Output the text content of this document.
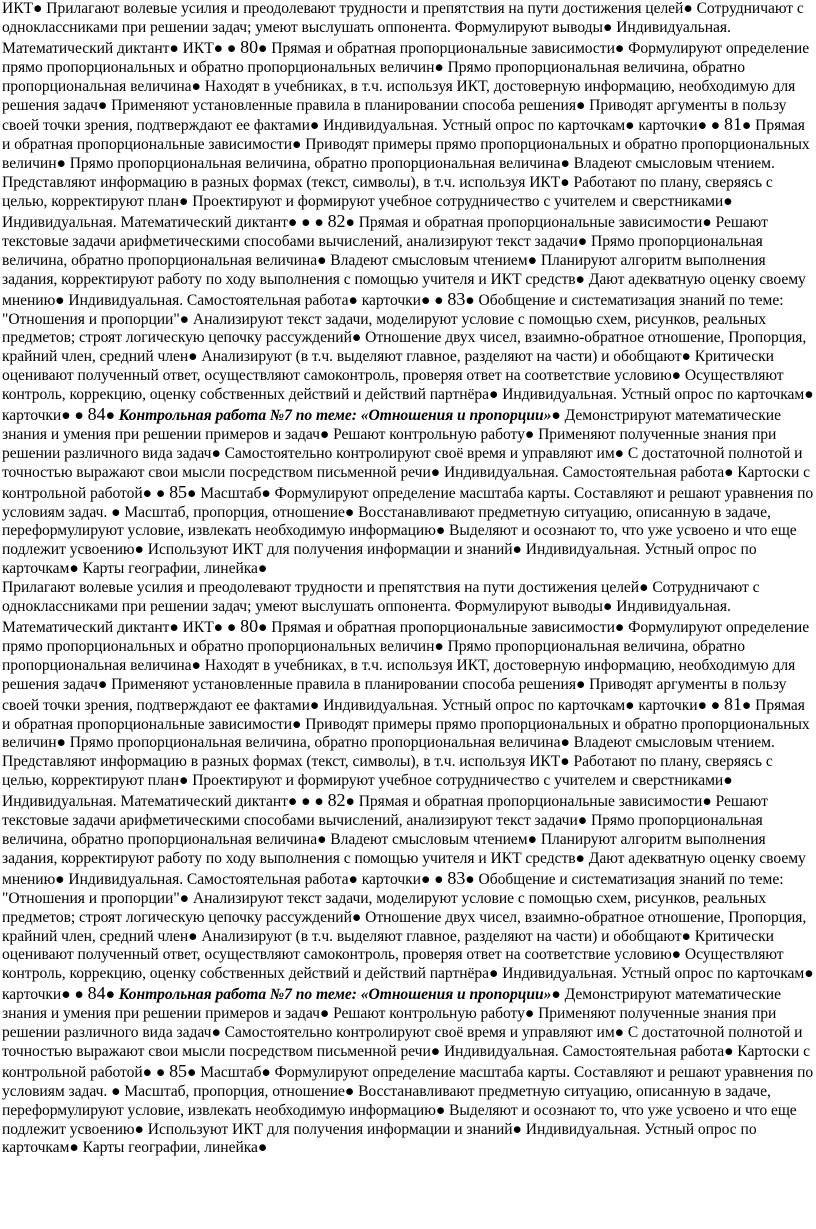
ИКТ● Прилагают волевые усилия и преодолевают трудности и препятствия на пути достижения целей● Сотрудничают с одноклассниками при решении задач; умеют выслушать оппонента. Формулируют выводы● Индивидуальная. Математический диктант● ИКТ● ● 80● Прямая и обратная пропорциональные зависимости● Формулируют определение прямо пропорциональных и обратно пропорциональных величин● Прямо пропорциональная величина, обратно пропорциональная величина● Находят в учебниках, в т.ч. используя ИКТ, достоверную информацию, необходимую для решения задач● Применяют установленные правила в планировании способа решения● Приводят аргументы в пользу своей точки зрения, подтверждают ее фактами● Индивидуальная. Устный опрос по карточкам● карточки● ● 81● Прямая и обратная пропорциональные зависимости● Приводят примеры прямо пропорциональных и обратно пропорциональных величин● Прямо пропорциональная величина, обратно пропорциональная величина● Владеют смысловым чтением. Представляют информацию в разных формах (текст, символы), в т.ч. используя ИКТ● Работают по плану, сверяясь с целью, корректируют план● Проектируют и формируют учебное сотрудничество с учителем и сверстниками● Индивидуальная. Математический диктант● ● ● 82● Прямая и обратная пропорциональные зависимости● Решают текстовые задачи арифметическими способами вычислений, анализируют текст задачи● Прямо пропорциональная величина, обратно пропорциональная величина● Владеют смысловым чтением● Планируют алгоритм выполнения задания, корректируют работу по ходу выполнения с помощью учителя и ИКТ средств● Дают адекватную оценку своему мнению● Индивидуальная. Самостоятельная работа● карточки● ● 83● Обобщение и систематизация знаний по теме: "Отношения и пропорции"● Анализируют текст задачи, моделируют условие с помощью схем, рисунков, реальных предметов; строят логическую цепочку рассуждений● Отношение двух чисел, взаимно-обратное отношение, Пропорция, крайний член, средний член● Анализируют (в т.ч. выделяют главное, разделяют на части) и обобщают● Критически оценивают полученный ответ, осуществляют самоконтроль, проверяя ответ на соответствие условию● Осуществляют контроль, коррекцию, оценку собственных действий и действий партнёра● Индивидуальная. Устный опрос по карточкам● карточки● ● 84● Контрольная работа №7 по теме: «Отношения и пропорции»● Демонстрируют математические знания и умения при решении примеров и задач● Решают контрольную работу● Применяют полученные знания при решении различного вида задач● Самостоятельно контролируют своё время и управляют им● С достаточной полнотой и точностью выражают свои мысли посредством письменной речи● Индивидуальная. Самостоятельная работа● Картоски с контрольной работой● ● 85● Масштаб● Формулируют определение масштаба карты. Составляют и решают уравнения по условиям задач. ● Масштаб, пропорция, отношение● Восстанавливают предметную ситуацию, описанную в задаче, переформулируют условие, извлекать необходимую информацию● Выделяют и осознают то, что уже усвоено и что еще подлежит усвоению● Используют ИКТ для получения информации и знаний● Индивидуальная. Устный опрос по карточкам● Карты географии, линейка●
Прилагают волевые усилия и преодолевают трудности и препятствия на пути достижения целей● Сотрудничают с одноклассниками при решении задач; умеют выслушать оппонента. Формулируют выводы● Индивидуальная. Математический диктант● ИКТ● ● 80● Прямая и обратная пропорциональные зависимости● Формулируют определение прямо пропорциональных и обратно пропорциональных величин● Прямо пропорциональная величина, обратно пропорциональная величина● Находят в учебниках, в т.ч. используя ИКТ, достоверную информацию, необходимую для решения задач● Применяют установленные правила в планировании способа решения● Приводят аргументы в пользу своей точки зрения, подтверждают ее фактами● Индивидуальная. Устный опрос по карточкам● карточки● ● 81● Прямая и обратная пропорциональные зависимости● Приводят примеры прямо пропорциональных и обратно пропорциональных величин● Прямо пропорциональная величина, обратно пропорциональная величина● Владеют смысловым чтением. Представляют информацию в разных формах (текст, символы), в т.ч. используя ИКТ● Работают по плану, сверяясь с целью, корректируют план● Проектируют и формируют учебное сотрудничество с учителем и сверстниками● Индивидуальная. Математический диктант● ● ● 82● Прямая и обратная пропорциональные зависимости● Решают текстовые задачи арифметическими способами вычислений, анализируют текст задачи● Прямо пропорциональная величина, обратно пропорциональная величина● Владеют смысловым чтением● Планируют алгоритм выполнения задания, корректируют работу по ходу выполнения с помощью учителя и ИКТ средств● Дают адекватную оценку своему мнению● Индивидуальная. Самостоятельная работа● карточки● ● 83● Обобщение и систематизация знаний по теме: "Отношения и пропорции"● Анализируют текст задачи, моделируют условие с помощью схем, рисунков, реальных предметов; строят логическую цепочку рассуждений● Отношение двух чисел, взаимно-обратное отношение, Пропорция, крайний член, средний член● Анализируют (в т.ч. выделяют главное, разделяют на части) и обобщают● Критически оценивают полученный ответ, осуществляют самоконтроль, проверяя ответ на соответствие условию● Осуществляют контроль, коррекцию, оценку собственных действий и действий партнёра● Индивидуальная. Устный опрос по карточкам● карточки● ● 84● Контрольная работа №7 по теме: «Отношения и пропорции»● Демонстрируют математические знания и умения при решении примеров и задач● Решают контрольную работу● Применяют полученные знания при решении различного вида задач● Самостоятельно контролируют своё время и управляют им● С достаточной полнотой и точностью выражают свои мысли посредством письменной речи● Индивидуальная. Самостоятельная работа● Картоски с контрольной работой● ● 85● Масштаб● Формулируют определение масштаба карты. Составляют и решают уравнения по условиям задач. ● Масштаб, пропорция, отношение● Восстанавливают предметную ситуацию, описанную в задаче, переформулируют условие, извлекать необходимую информацию● Выделяют и осознают то, что уже усвоено и что еще подлежит усвоению● Используют ИКТ для получения информации и знаний● Индивидуальная. Устный опрос по карточкам● Карты географии, линейка●
